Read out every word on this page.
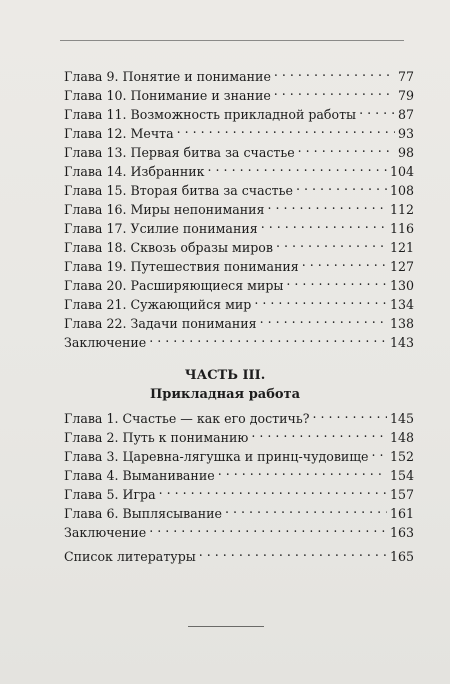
Глава 9. Понятие и понимание . . .	77
Глава 10. Понимание и знание . . .	79
Глава 11. Возможность прикладной работы . . .	87
Глава 12. Мечта . . .	93
Глава 13. Первая битва за счастье . . .	98
Глава 14. Избранник . . .	104
Глава 15. Вторая битва за счастье . . .	108
Глава 16. Миры непонимания . . .	112
Глава 17. Усилие понимания . . .	116
Глава 18. Сквозь образы миров . . .	121
Глава 19. Путешествия понимания . . .	127
Глава 20. Расширяющиеся миры . . .	130
Глава 21. Сужающийся мир . . .	134
Глава 22. Задачи понимания . . .	138
Заключение . . .	143
ЧАСТЬ III.
Прикладная работа
Глава 1. Счастье — как его достичь? . . .	145
Глава 2. Путь к пониманию . . .	148
Глава 3. Царевна-лягушка и принц-чудовище . . . 152
Глава 4. Выманивание . . .	154
Глава 5. Игра . . .	157
Глава 6. Выплясывание . . .	161
Заключение . . .	163
Список литературы . . .	165
